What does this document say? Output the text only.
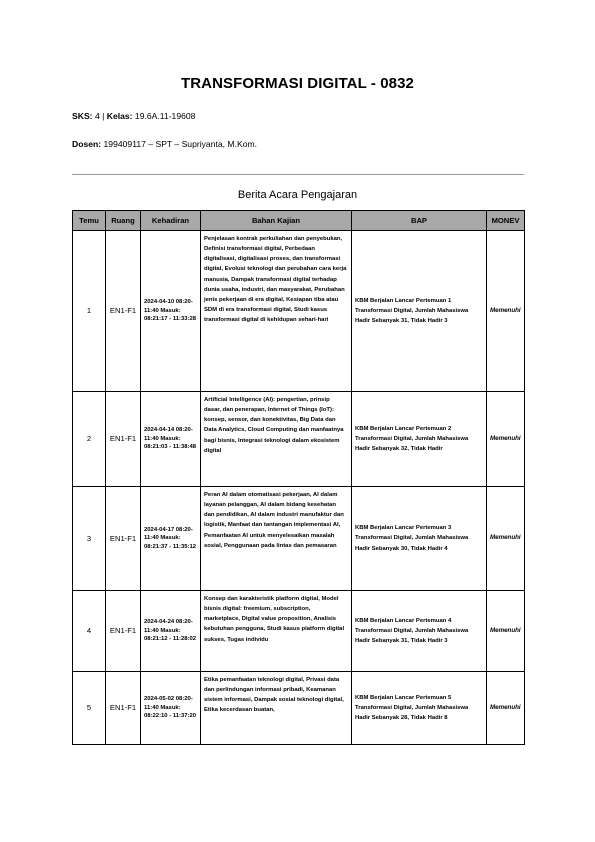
TRANSFORMASI DIGITAL - 0832
SKS: 4 | Kelas: 19.6A.11-19608
Dosen: 199409117 – SPT – Supriyanta, M.Kom.
Berita Acara Pengajaran
Temu	Ruang	Kehadiran	Bahan Kajian	BAP	MONEV
1	EN1-F1	2024-04-10 08:20-11:40 Masuk: 08:21:17 - 11:33:28	Penjelasan kontrak perkuliahan dan penyebukan, Definisi transformasi digital, Perbedaan digitalisasi, digitalisasi proses, dan transformasi digital, Evolusi teknologi dan perubahan cara kerja manusia, Dampak transformasi digital terhadap dunia usaha, industri, dan masyarakat, Perubahan jenis pekerjaan di era digital, Kesiapan tiba atau SDM di era transformasi digital, Studi kasus transformasi digital di kehidupan sehari-hari	KBM Berjalan Lancar Pertemuan 1 Transformasi Digital, Jumlah Mahasiswa Hadir Sebanyak 31, Tidak Hadir 3	Memenuhi
2	EN1-F1	2024-04-14 08:20-11:40 Masuk: 08:21:03 - 11:38:48	Artificial Intelligence (AI): pengertian, prinsip dasar, dan penerapan, Internet of Things (IoT): konsep, sensor, dan konektivitas, Big Data dan Data Analytics, Cloud Computing dan manfaatnya bagi bisnis, Integrasi teknologi dalam ekosistem digital	KBM Berjalan Lancar Pertemuan 2 Transformasi Digital, Jumlah Mahasiswa Hadir Sebanyak 32, Tidak Hadir	Memenuhi
3	EN1-F1	2024-04-17 08:20-11:40 Masuk: 08:21:37 - 11:35:12	Peran AI dalam otomatisasi pekerjaan, AI dalam layanan pelanggan, AI dalam bidang kesehatan dan pendidikan, AI dalam industri manufaktur dan logistik, Manfaat dan tantangan implementasi AI, Pemanfaatan AI untuk menyelesaikan masalah sosial, Penggunaan pada lintas dan pemasaran	KBM Berjalan Lancar Pertemuan 3 Transformasi Digital, Jumlah Mahasiswa Hadir Sebanyak 30, Tidak Hadir 4	Memenuhi
4	EN1-F1	2024-04-24 08:20-11:40 Masuk: 08:21:12 - 11:28:02	Konsep dan karakteristik platform digital, Model bisnis digital: freemium, subscription, marketplace, Digital value proposition, Analisis kebutuhan pengguna, Studi kasus platform digital sukses, Tugas individu	KBM Berjalan Lancar Pertemuan 4 Transformasi Digital, Jumlah Mahasiswa Hadir Sebanyak 31, Tidak Hadir 3	Memenuhi
5	EN1-F1	2024-05-02 08:20-11:40 Masuk: 08:22:10 - 11:37:20	Etika pemanfaatan teknologi digital, Privasi data dan perlindungan informasi pribadi, Keamanan sistem informasi, Dampak sosial teknologi digital, Etika kecerdasan buatan,	KBM Berjalan Lancar Pertemuan 5 Transformasi Digital, Jumlah Mahasiswa Hadir Sebanyak 28, Tidak Hadir 8	Memenuhi
